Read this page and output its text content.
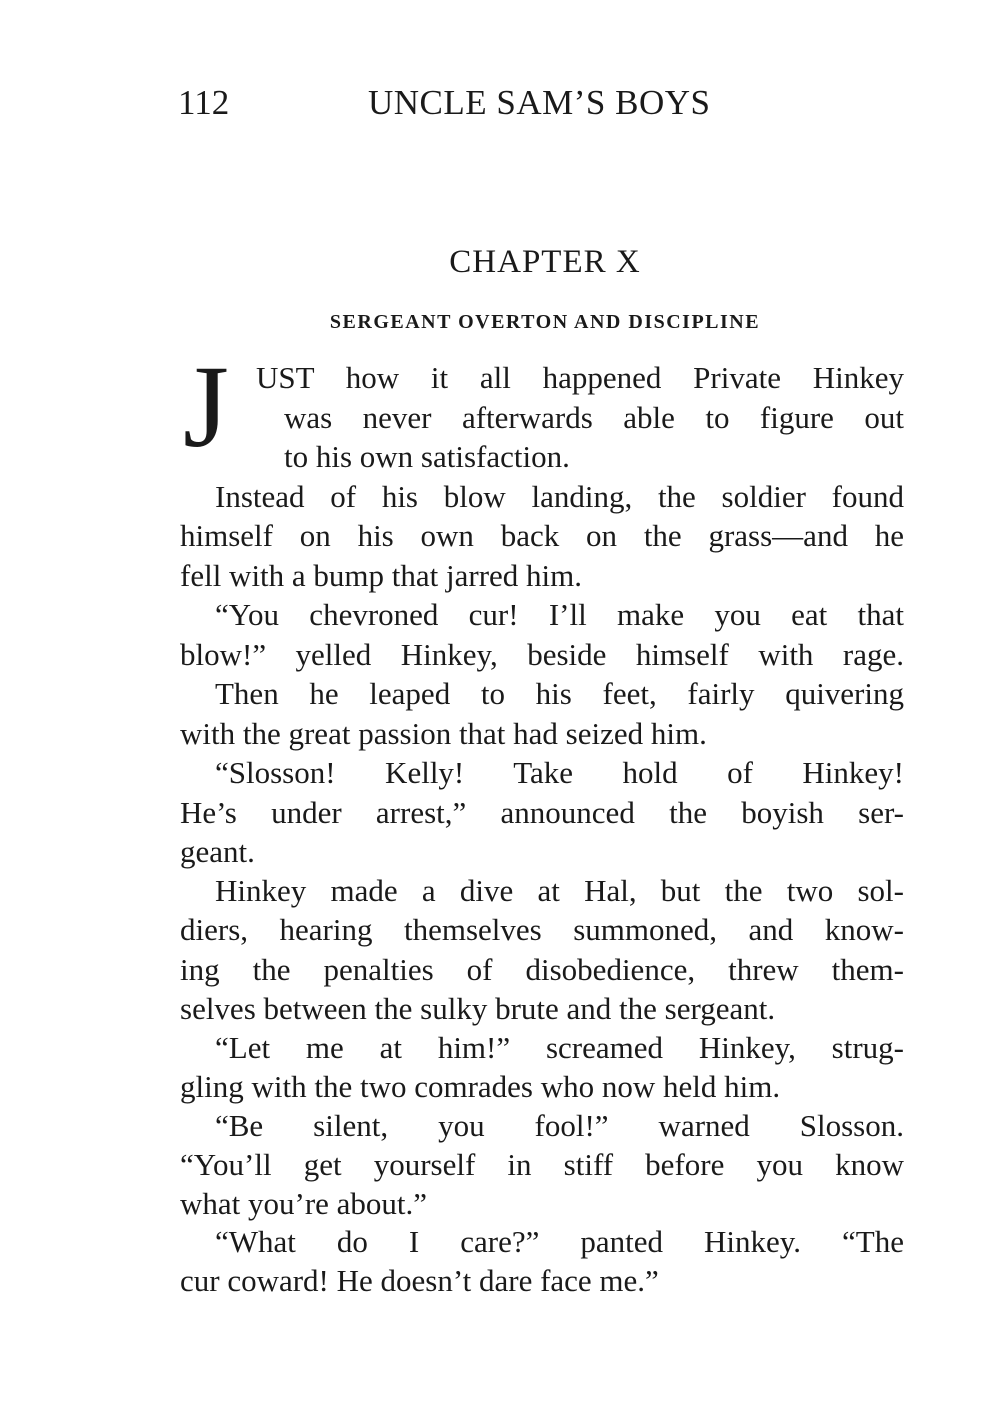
112	UNCLE SAM’S BOYS
CHAPTER X
SERGEANT OVERTON AND DISCIPLINE
J UST how it all happened Private Hinkey
was never afterwards able to figure out
to his own satisfaction.
Instead of his blow landing, the soldier found
himself on his own back on the grass—and he
fell with a bump that jarred him.
“You chevroned cur! I’ll make you eat that
blow!” yelled Hinkey, beside himself with rage.
Then he leaped to his feet, fairly quivering
with the great passion that had seized him.
“Slosson! Kelly! Take hold of Hinkey!
He’s under arrest,” announced the boyish ser-
geant.
Hinkey made a dive at Hal, but the two sol-
diers, hearing themselves summoned, and know-
ing the penalties of disobedience, threw them-
selves between the sulky brute and the sergeant.
“Let me at him!” screamed Hinkey, strug-
gling with the two comrades who now held him.
“Be silent, you fool!” warned Slosson.
“You’ll get yourself in stiff before you know
what you’re about.”
“What do I care?” panted Hinkey. “The
cur coward! He doesn’t dare face me.”
